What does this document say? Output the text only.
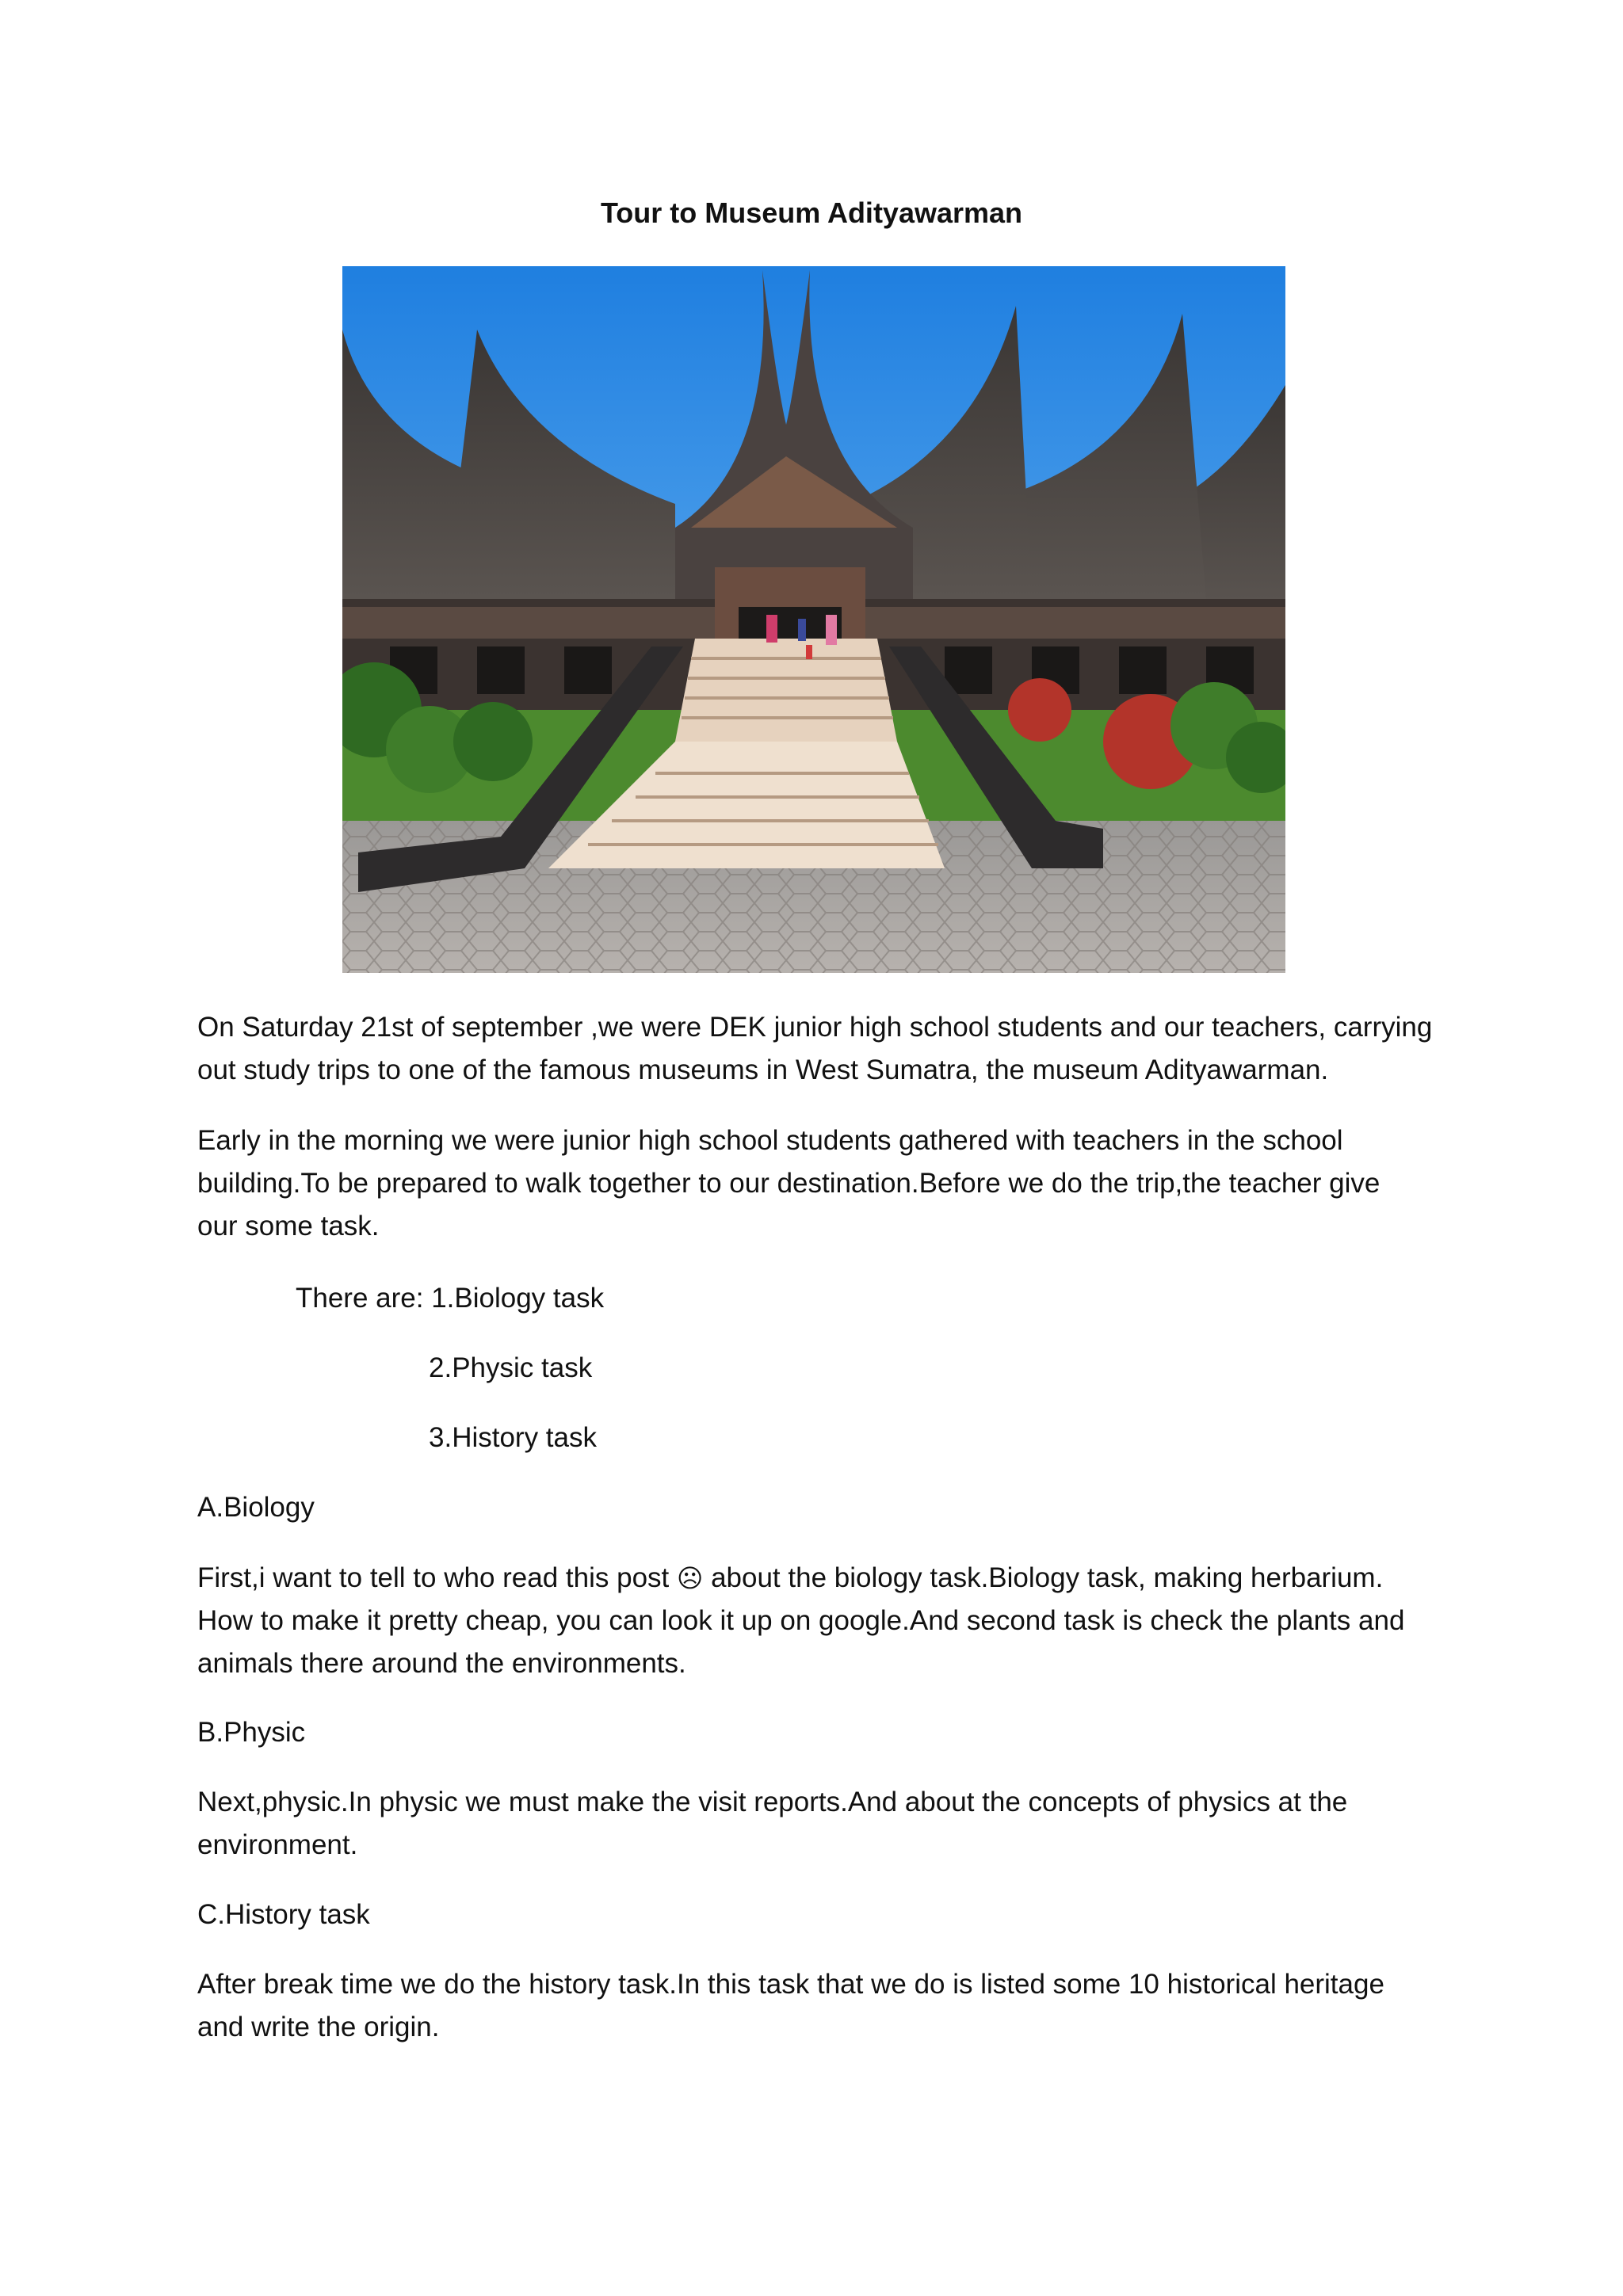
Tour to Museum Adityawarman

On Saturday 21st of september ,we were DEK junior high school students and our teachers, carrying
out study trips to one of the famous museums in West Sumatra, the museum Adityawarman.

Early in the morning we were junior high school students gathered with teachers in the school
building.To be prepared to walk together to our destination.Before we do the trip,the teacher give
our some task.

There are: 1.Biology task
2.Physic task
3.History task

A.Biology

First,i want to tell to who read this post ☹ about the biology task.Biology task, making herbarium.
How to make it pretty cheap, you can look it up on google.And second task is check the plants and
animals there around the environments.

B.Physic

Next,physic.In physic we must make the visit reports.And about the concepts of physics at the
environment.

C.History task

After break time we do the history task.In this task that we do is listed some 10 historical heritage
and write the origin.
